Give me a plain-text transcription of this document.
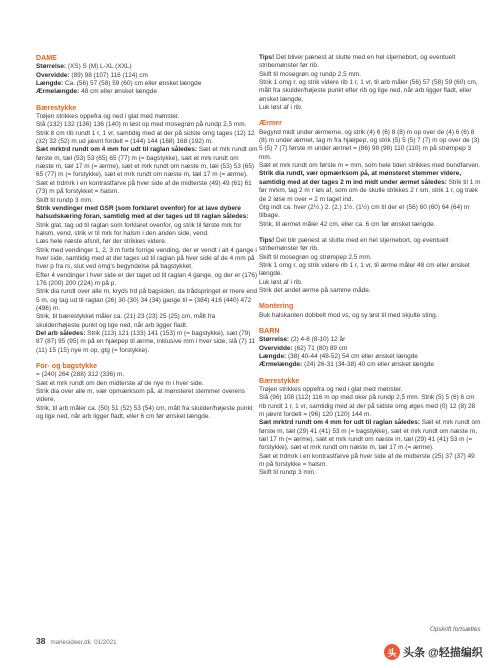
DAME

Størrelse: (XS) S (M) L-XL (XXL)

Overvidde: (89) 98 (107) 116 (124) cm

Længde: Ca. (56) 57 (58) 59 (60) cm eller ønsket længde

Ærmelængde: 48 cm eller ønsket længde

Bærestykke

Trøjen strikkes oppefra og ned i glat med mønster.

Slå (132) 132 (136) 136 (140) m løst op med mosegrøn på rundp 2,5 mm.

Strik 8 cm rib rundt 1 r, 1 vr, samtidig med at der på sidste omg tages (12) 12 (32) 32 (52) m ud jævnt fordelt = (144) 144 (168) 168 (192) m.

Sæt mrktrd rundt om 4 mm for udt til raglan således: Sæt et mrk rundt om første m, tæl (53) 53 (65) 65 (77) m (= bagstykke), sæt et mrk rundt om næste m, tæl 17 m (= ærme), sæt et mrk rundt om næste m, tæl (53) 53 (65) 65 (77) m (= forstykke), sæt et mrk rundt om næste m, tæl 17 m (= ærme).

Sæt et trdmrk i en kontrastfarve på hver side af de midterste (49) 49 (61) 61 (73) m på forstykket = halsm.

Skift til rundp 3 mm.

Strik vendinger med GSR (som forklaret ovenfor) for at lave dybere halsudskæring foran, samtidig med at der tages ud til raglan således: Strik glat, tag ud til raglan som forklaret ovenfor, og strik til første mrk for halsm, vend, strik vr til mrk for halsm i den anden side, vend.

Læs hele næste afsnit, før der strikkes videre.

Strik med vendinger 1, 2, 3 m forbi forrige vending, der er vendt i alt 4 gange i hver side, samtidig med at der tages ud til raglan på hver side af de 4 mm på hver p fra rs, slut ved omg's begyndelse på bagstykket.

Efter 4 vendinger i hver side er der taget ud til raglan 4 gange, og der er (176) 176 (200) 200 (224) m på p.

Strik dia rundt over alle m, kryds trd på bagsiden, da trådspringet er mere end 5 m, og tag ud til raglan (26) 30 (30) 34 (34) gange til = (384) 416 (440) 472 (496) m.

Strik, til bærestykket måler ca. (21) 23 (23) 25 (25) cm, målt fra skulder/højeste punkt og lige ned, når arb ligger fladt.

Del arb således: Strik (113) 121 (133) 141 (153) m (= bagstykke), sæt (79) 87 (87) 95 (95) m på en hjælpep til ærme, inklusive mm i hver side, slå (7) 11 (11) 15 (15) nye m op, gtg (= forstykke).

For- og bagstykke

= (240) 264 (288) 312 (336) m.

Sæt et mrk rundt om den midterste af de nye m i hver side.

Strik dia over alle m, vær opmærksom på, at mønsteret stemmer overens videre.

Strik, til arb måler ca. (50) 51 (52) 53 (54) cm, målt fra skulder/højeste punkt og lige ned, når arb ligger fladt, eller 6 cm før ønsket længde.

Tips! Det bliver pænest at slutte med en hel stjernebort, og eventuelt stribemønster før rib.

Skift til mosegrøn og rundp 2,5 mm.

Strik 1 omg r, og strik videre rib 1 r, 1 vr, til arb måler (56) 57 (58) 59 (60) cm, målt fra skulder/højeste punkt efter rib og lige ned, når arb ligger fladt, eller ønsket længde.

Luk løst af i rib.

Ærmer

Begynd midt under ærmerne, og strik (4) 6 (6) 8 (8) m op over de (4) 6 (6) 8 (8) m under ærmet, tag m fra hjælpep, og strik (5) 5 (5) 7 (7) m op over de (3) 5 (5) 7 (7) første m under ærmet = (86) 98 (98) 110 (110) m på strømpep 3 mm.

Sæt et mrk rundt om første m = mm, som hele tiden strikkes med bundfarven.

Strik dia rundt, vær opmærksom på, at mønsteret stemmer videre, samtidig med at der tages 2 m ind midt under ærmet således: Strik til 1 m før mrkm, tag 2 m r løs af, som om de skulle strikkes 2 r sm, strik 1 r, og træk de 2 løse m over = 2 m taget ind.

Gtg indt ca. hver (2½.) 2. (2.) 1½. (1½) cm til der er (56) 60 (60) 64 (64) m tilbage.

Strik, til ærmet måler 42 cm, eller ca. 6 cm før ønsket længde.

Tips! Det blir pænest at slutte med en hel stjernebort, og eventuelt stribemønster før rib.

Skift til mosegrøn og strømpep 2,5 mm.

Strik 1 omg r, og strik videre rib 1 r, 1 vr, til ærme måler 48 cm eller ønsket længde.

Luk løst af i rib.

Strik det andet ærme på samme måde.

Montering

Buk halskanten dobbelt mod vs, og sy løst til med skjulte sting.

BARN

Størrelse: (2) 4-6 (8-10) 12 år

Overvidde: (62) 71 (80) 89 cm

Længde: (38) 40-44 (48-52) 54 cm eller ønsket længde

Ærmelængde: (24) 26-31 (34-38) 40 cm eller ønsket længde

Bærestykke

Trøjen strikkes oppefra og ned i glat med mønster.

Slå (96) 108 (112) 116 m op med oker på rundp 2,5 mm. Strik (5) 5 (6) 6 cm rib rundt 1 r, 1 vr, samtidig med at der på sidste omg øges med (0) 12 (8) 28 m jævnt fordelt = (96) 120 (120) 144 m.

Sæt mrktrd rundt om 4 mm for udt til raglan således: Sæt et mrk rundt om første m, tæl (29) 41 (41) 53 m (= bagstykke), sæt et mrk rundt om næste m, tæl 17 m (= ærme), sæt et mrk rundt om næste m, tæl (29) 41 (41) 53 m (= forstykke), sæt et mrk rundt om næste m, tæl 17 m (= ærme).

Sæt et trdmrk i en kontrastfarve på hver side af de midterste (25) 37 (37) 49 m på forstykke = halsm.

Skift til rundp 3 mm.

38 mariesideer.dk 01/2021
Opskrift fortsættes
头 头条 @轻描编织
